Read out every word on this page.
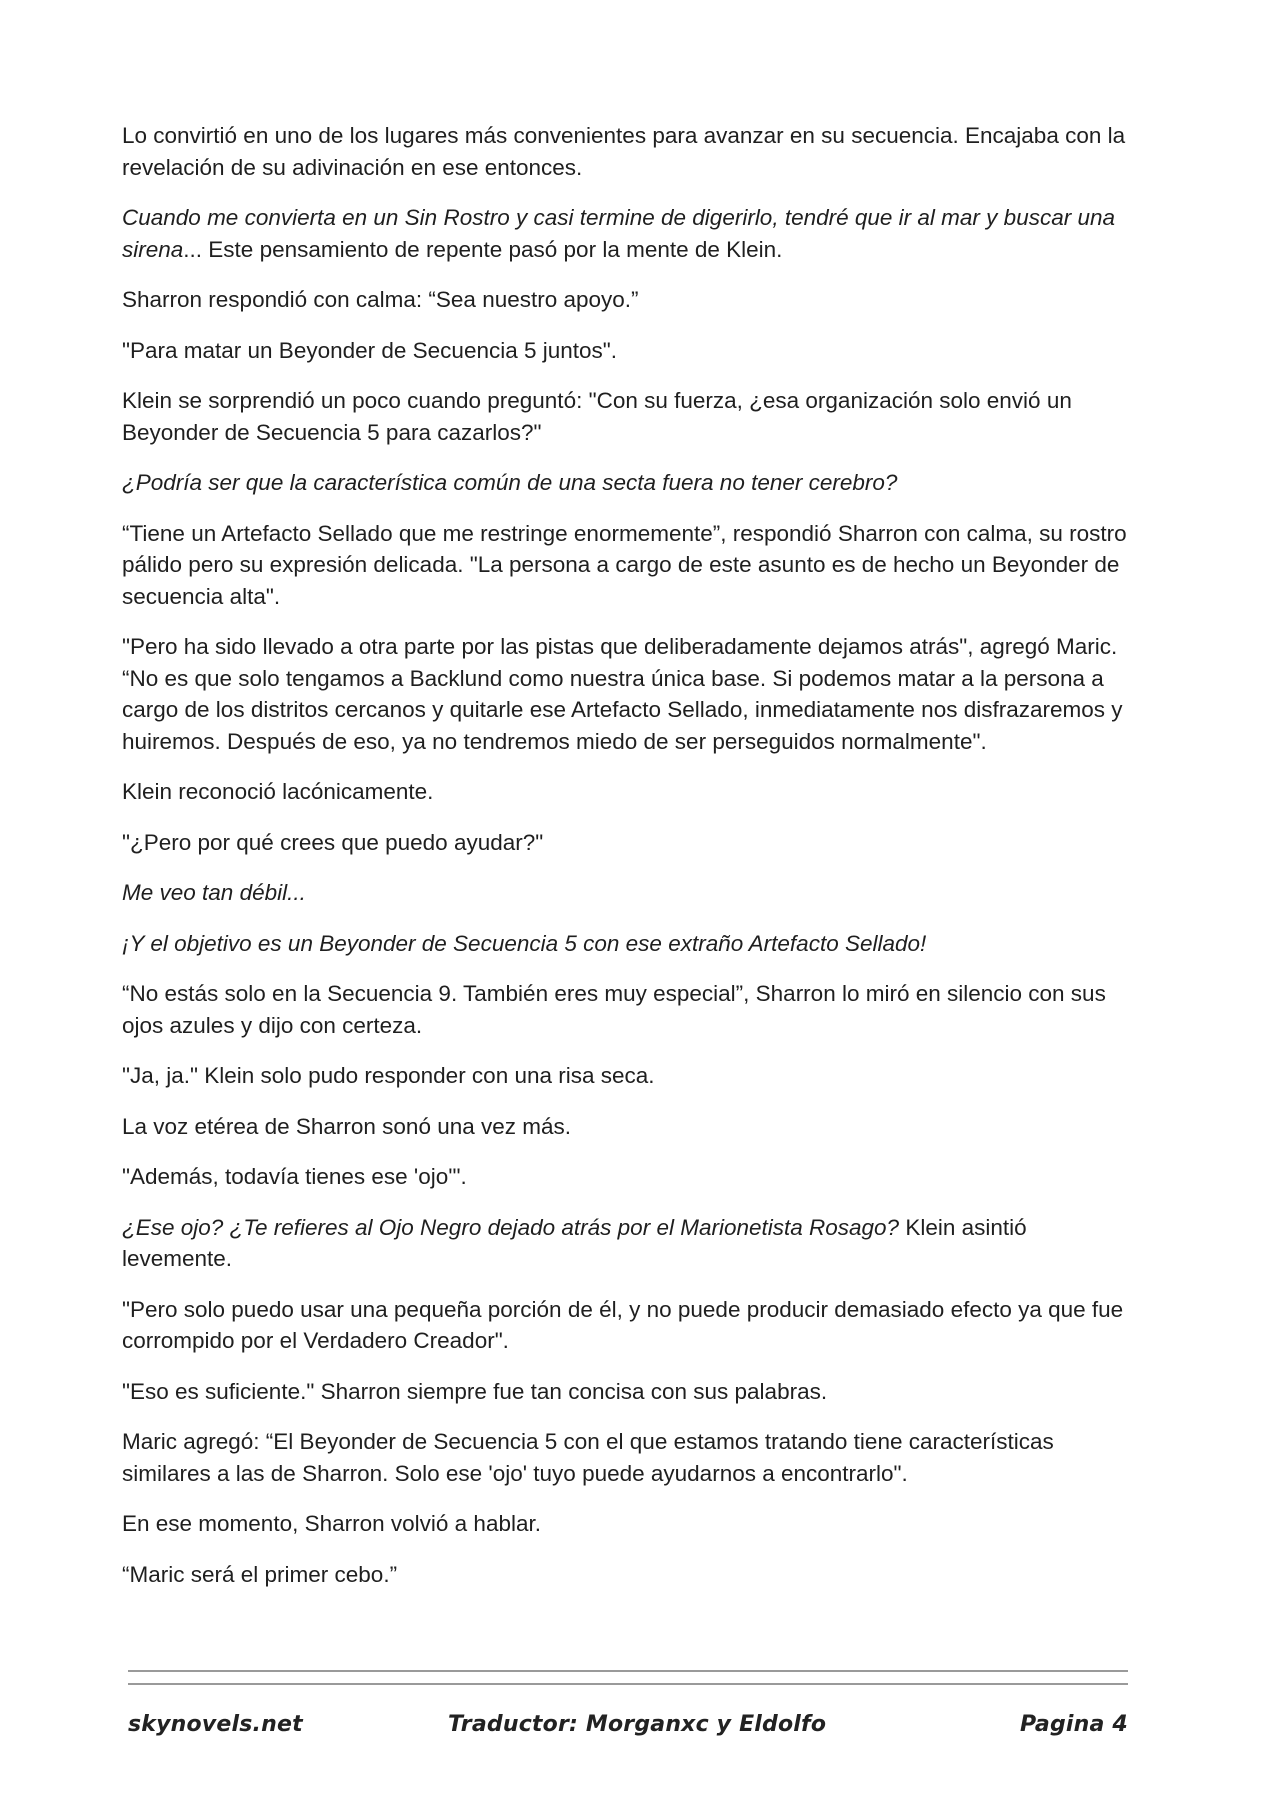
Lo convirtió en uno de los lugares más convenientes para avanzar en su secuencia. Encajaba con la revelación de su adivinación en ese entonces.

Cuando me convierta en un Sin Rostro y casi termine de digerirlo, tendré que ir al mar y buscar una sirena... Este pensamiento de repente pasó por la mente de Klein.

Sharron respondió con calma: “Sea nuestro apoyo.”

"Para matar un Beyonder de Secuencia 5 juntos".

Klein se sorprendió un poco cuando preguntó: "Con su fuerza, ¿esa organización solo envió un Beyonder de Secuencia 5 para cazarlos?"

¿Podría ser que la característica común de una secta fuera no tener cerebro?

“Tiene un Artefacto Sellado que me restringe enormemente”, respondió Sharron con calma, su rostro pálido pero su expresión delicada. "La persona a cargo de este asunto es de hecho un Beyonder de secuencia alta".

"Pero ha sido llevado a otra parte por las pistas que deliberadamente dejamos atrás", agregó Maric. “No es que solo tengamos a Backlund como nuestra única base. Si podemos matar a la persona a cargo de los distritos cercanos y quitarle ese Artefacto Sellado, inmediatamente nos disfrazaremos y huiremos. Después de eso, ya no tendremos miedo de ser perseguidos normalmente".

Klein reconoció lacónicamente.

"¿Pero por qué crees que puedo ayudar?"

Me veo tan débil...

¡Y el objetivo es un Beyonder de Secuencia 5 con ese extraño Artefacto Sellado!

“No estás solo en la Secuencia 9. También eres muy especial”, Sharron lo miró en silencio con sus ojos azules y dijo con certeza.

"Ja, ja." Klein solo pudo responder con una risa seca.

La voz etérea de Sharron sonó una vez más.

"Además, todavía tienes ese 'ojo'".

¿Ese ojo? ¿Te refieres al Ojo Negro dejado atrás por el Marionetista Rosago? Klein asintió levemente.

"Pero solo puedo usar una pequeña porción de él, y no puede producir demasiado efecto ya que fue corrompido por el Verdadero Creador".

"Eso es suficiente." Sharron siempre fue tan concisa con sus palabras.

Maric agregó: “El Beyonder de Secuencia 5 con el que estamos tratando tiene características similares a las de Sharron. Solo ese 'ojo' tuyo puede ayudarnos a encontrarlo".

En ese momento, Sharron volvió a hablar.

“Maric será el primer cebo.”

skynovels.net	Traductor: Morganxc y Eldolfo	Pagina 4
